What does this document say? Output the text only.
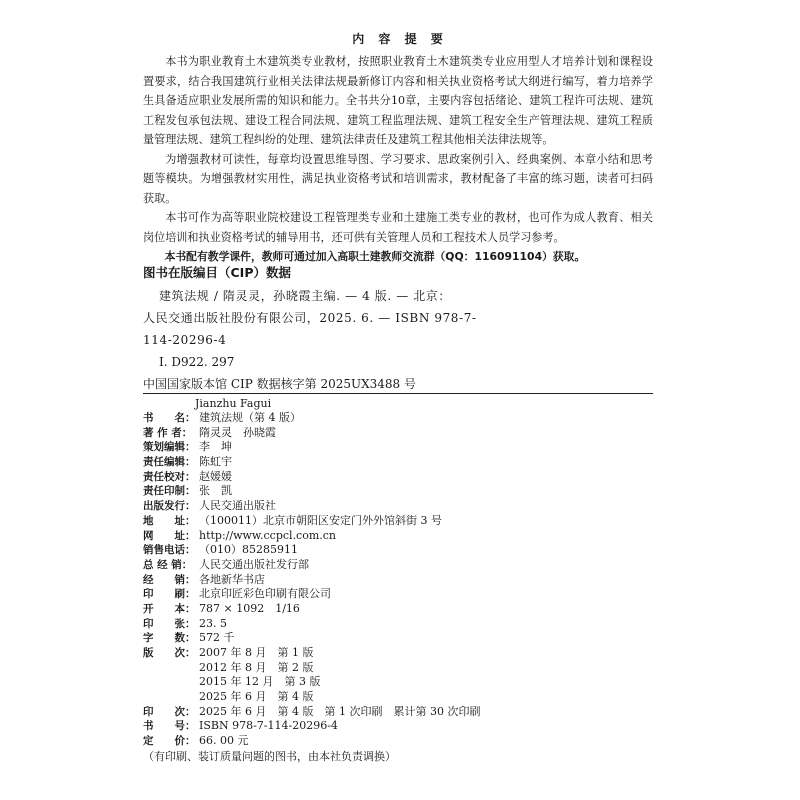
内 容 提 要

本书为职业教育土木建筑类专业教材，按照职业教育土木建筑类专业应用型人才培养计划和课程设置要求，结合我国建筑行业相关法律法规最新修订内容和相关执业资格考试大纲进行编写，着力培养学生具备适应职业发展所需的知识和能力。全书共分10章，主要内容包括绪论、建筑工程许可法规、建筑工程发包承包法规、建设工程合同法规、建筑工程监理法规、建筑工程安全生产管理法规、建筑工程质量管理法规、建筑工程纠纷的处理、建筑法律责任及建筑工程其他相关法律法规等。

为增强教材可读性，每章均设置思维导图、学习要求、思政案例引入、经典案例、本章小结和思考题等模块。为增强教材实用性，满足执业资格考试和培训需求，教材配备了丰富的练习题，读者可扫码获取。

本书可作为高等职业院校建设工程管理类专业和土建施工类专业的教材，也可作为成人教育、相关岗位培训和执业资格考试的辅导用书，还可供有关管理人员和工程技术人员学习参考。

本书配有教学课件，教师可通过加入高职土建教师交流群（QQ：116091104）获取。

图书在版编目（CIP）数据
建筑法规 / 隋灵灵，孙晓霞主编. — 4 版. — 北京：
人民交通出版社股份有限公司，2025. 6. — ISBN 978-7-
114-20296-4
Ⅰ. D922. 297
中国国家版本馆 CIP 数据核字第 2025UX3488 号
Jianzhu Fagui
书　　名： 建筑法规（第 4 版）
著 作 者： 隋灵灵　孙晓霞
策划编辑： 李　坤
责任编辑： 陈虹宇
责任校对： 赵媛媛
责任印制： 张　凯
出版发行： 人民交通出版社
地　　址： （100011）北京市朝阳区安定门外外馆斜街 3 号
网　　址： http://www.ccpcl.com.cn
销售电话： （010）85285911
总 经 销： 人民交通出版社发行部
经　　销： 各地新华书店
印　　刷： 北京印匠彩色印刷有限公司
开　　本： 787 × 1092　1/16
印　　张： 23. 5
字　　数： 572 千
版　　次： 2007 年 8 月　第 1 版
2012 年 8 月　第 2 版
2015 年 12 月　第 3 版
2025 年 6 月　第 4 版
印　　次： 2025 年 6 月　第 4 版　第 1 次印刷　累计第 30 次印刷
书　　号： ISBN 978-7-114-20296-4
定　　价： 66. 00 元
（有印刷、装订质量问题的图书，由本社负责调换）
